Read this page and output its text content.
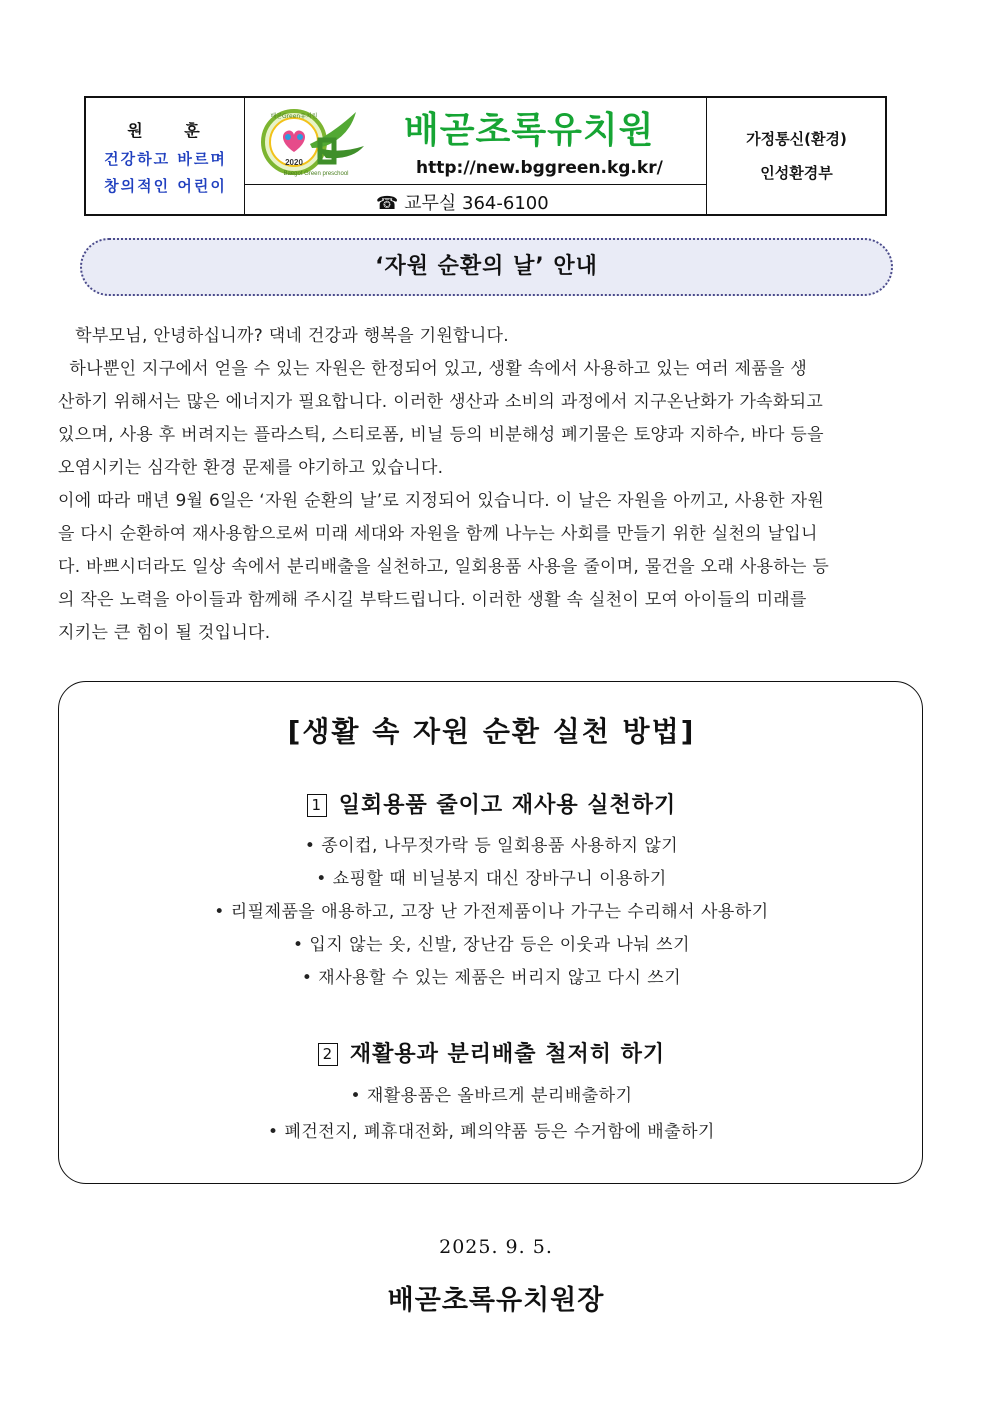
원 훈
건강하고 바르며
창의적인 어린이
2020
배곧Green유치원
Baegot Green preschool
배곧초록유치원
http://new.bggreen.kg.kr/
☎ 교무실 364-6100
가정통신(환경)
인성환경부
‘자원 순환의 날’ 안내
학부모님, 안녕하십니까? 댁네 건강과 행복을 기원합니다.
하나뿐인 지구에서 얻을 수 있는 자원은 한정되어 있고, 생활 속에서 사용하고 있는 여러 제품을 생
산하기 위해서는 많은 에너지가 필요합니다. 이러한 생산과 소비의 과정에서 지구온난화가 가속화되고
있으며, 사용 후 버려지는 플라스틱, 스티로폼, 비닐 등의 비분해성 폐기물은 토양과 지하수, 바다 등을
오염시키는 심각한 환경 문제를 야기하고 있습니다.
이에 따라 매년 9월 6일은 ‘자원 순환의 날’로 지정되어 있습니다. 이 날은 자원을 아끼고, 사용한 자원
을 다시 순환하여 재사용함으로써 미래 세대와 자원을 함께 나누는 사회를 만들기 위한 실천의 날입니
다. 바쁘시더라도 일상 속에서 분리배출을 실천하고, 일회용품 사용을 줄이며, 물건을 오래 사용하는 등
의 작은 노력을 아이들과 함께해 주시길 부탁드립니다. 이러한 생활 속 실천이 모여 아이들의 미래를
지키는 큰 힘이 될 것입니다.
[생활 속 자원 순환 실천 방법]
1 일회용품 줄이고 재사용 실천하기
• 종이컵, 나무젓가락 등 일회용품 사용하지 않기
• 쇼핑할 때 비닐봉지 대신 장바구니 이용하기
• 리필제품을 애용하고, 고장 난 가전제품이나 가구는 수리해서 사용하기
• 입지 않는 옷, 신발, 장난감 등은 이웃과 나눠 쓰기
• 재사용할 수 있는 제품은 버리지 않고 다시 쓰기
2 재활용과 분리배출 철저히 하기
• 재활용품은 올바르게 분리배출하기
• 폐건전지, 폐휴대전화, 폐의약품 등은 수거함에 배출하기
2025. 9. 5.
배곧초록유치원장
